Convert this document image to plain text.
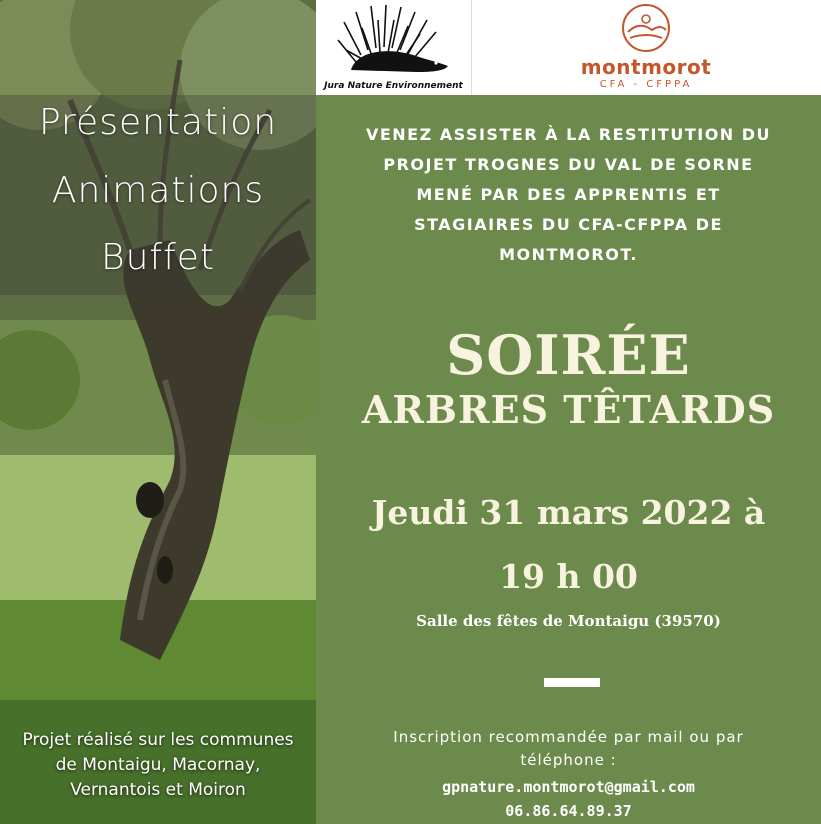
Présentation
Animations
Buffet
Projet réalisé sur les communes
de Montaigu, Macornay,
Vernantois et Moiron
Jura Nature Environnement
montmorot
CFA - CFPPA
VENEZ ASSISTER À LA RESTITUTION DU
PROJET TROGNES DU VAL DE SORNE
MENÉ PAR DES APPRENTIS ET
STAGIAIRES DU CFA-CFPPA DE
MONTMOROT.
SOIRÉE
ARBRES TÊTARDS
Jeudi 31 mars 2022 à
19 h 00
Salle des fêtes de Montaigu (39570)
Inscription recommandée par mail ou par
téléphone :
gpnature.montmorot@gmail.com
06.86.64.89.37
